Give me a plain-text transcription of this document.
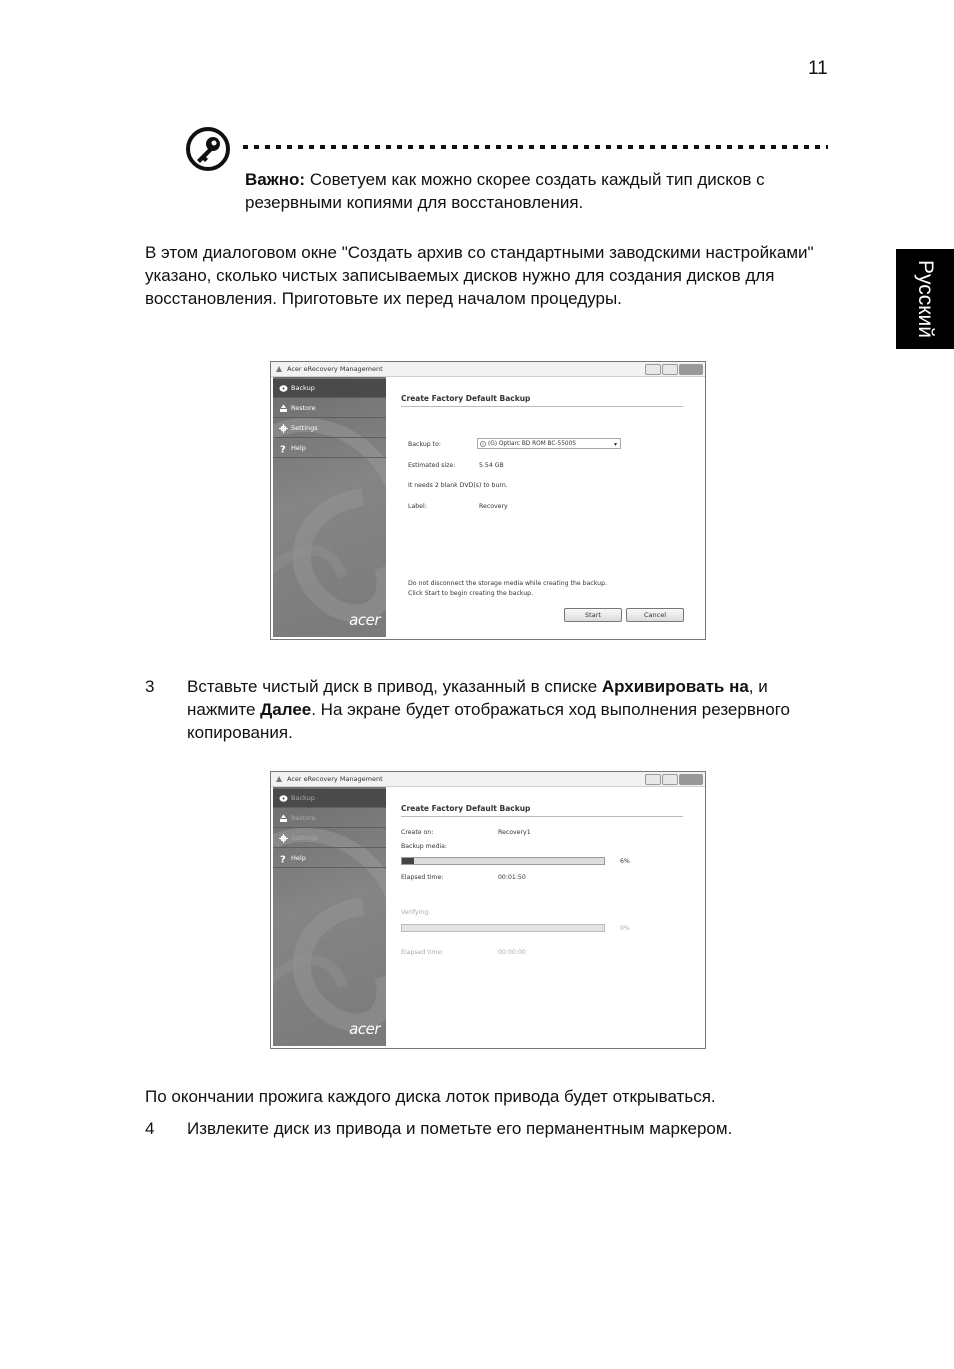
11
Русский
Важно: Советуем как можно скорее создать каждый тип дисков с резервными копиями для восстановления.
В этом диалоговом окне "Создать архив со стандартными заводскими настройками" указано, сколько чистых записываемых дисков нужно для создания дисков для восстановления. Приготовьте их перед началом процедуры.
Acer eRecovery Management
Backup
Restore
Settings
? Help
acer
Create Factory Default Backup
Backup to:	(G) Optiarc BD ROM BC-5500S	▾
Estimated size:	5.54 GB
It needs 2 blank DVD(s) to burn.
Label:	Recovery
Do not disconnect the storage media while creating the backup.
Click Start to begin creating the backup.
Start	Cancel
3 Вставьте чистый диск в привод, указанный в списке Архивировать на, и нажмите Далее. На экране будет отображаться ход выполнения резервного копирования.
Acer eRecovery Management
Backup
Restore
Settings
? Help
acer
Create Factory Default Backup
Create on:	Recovery1
Backup media:
6%
Elapsed time:	00:01:50
Verifying:
0%
Elapsed time:	00:00:00
По окончании прожига каждого диска лоток привода будет открываться.
4 Извлеките диск из привода и пометьте его перманентным маркером.
